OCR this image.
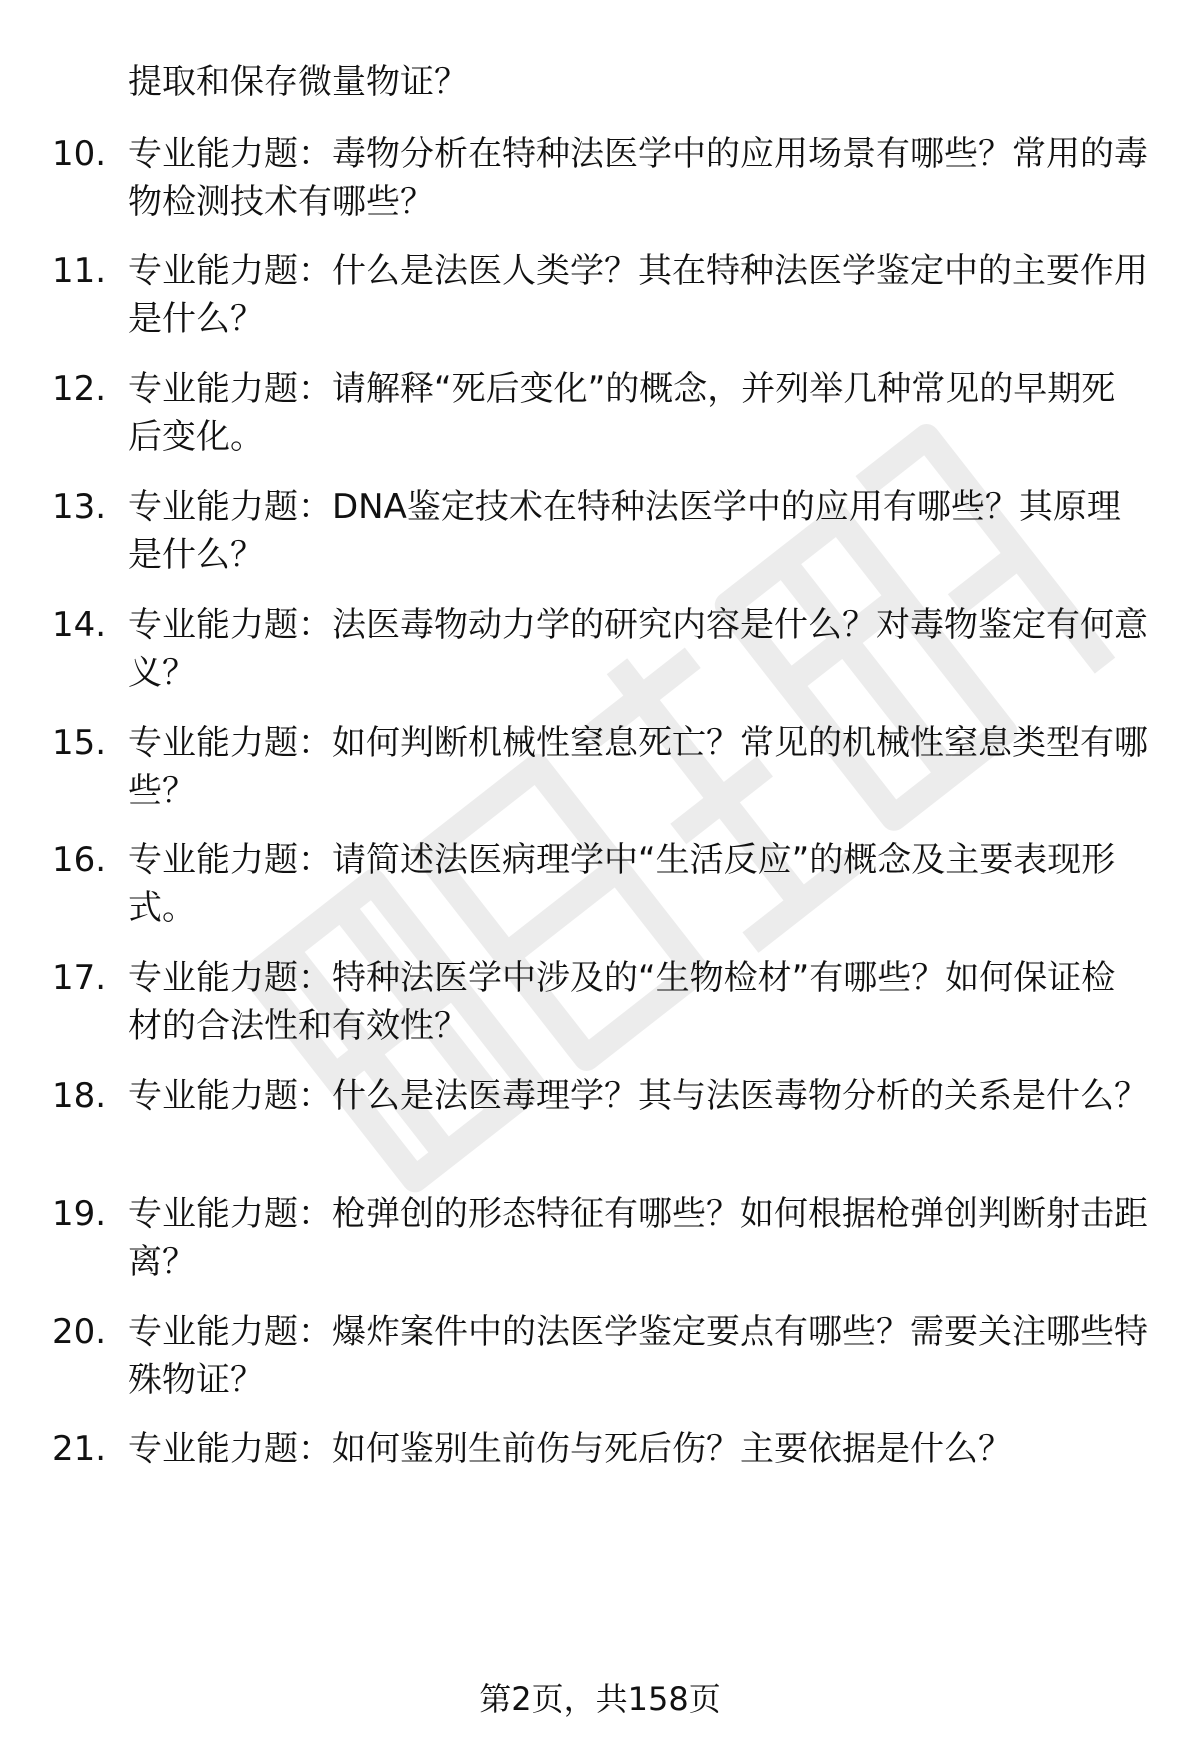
提取和保存微量物证？
10. 专业能力题：毒物分析在特种法医学中的应用场景有哪些？常用的毒物检测技术有哪些？
11. 专业能力题：什么是法医人类学？其在特种法医学鉴定中的主要作用是什么？
12. 专业能力题：请解释“死后变化”的概念，并列举几种常见的早期死后变化。
13. 专业能力题：DNA鉴定技术在特种法医学中的应用有哪些？其原理是什么？
14. 专业能力题：法医毒物动力学的研究内容是什么？对毒物鉴定有何意义？
15. 专业能力题：如何判断机械性窒息死亡？常见的机械性窒息类型有哪些？
16. 专业能力题：请简述法医病理学中“生活反应”的概念及主要表现形式。
17. 专业能力题：特种法医学中涉及的“生物检材”有哪些？如何保证检材的合法性和有效性？
18. 专业能力题：什么是法医毒理学？其与法医毒物分析的关系是什么？
19. 专业能力题：枪弹创的形态特征有哪些？如何根据枪弹创判断射击距离？
20. 专业能力题：爆炸案件中的法医学鉴定要点有哪些？需要关注哪些特殊物证？
21. 专业能力题：如何鉴别生前伤与死后伤？主要依据是什么？
第2页，共158页
